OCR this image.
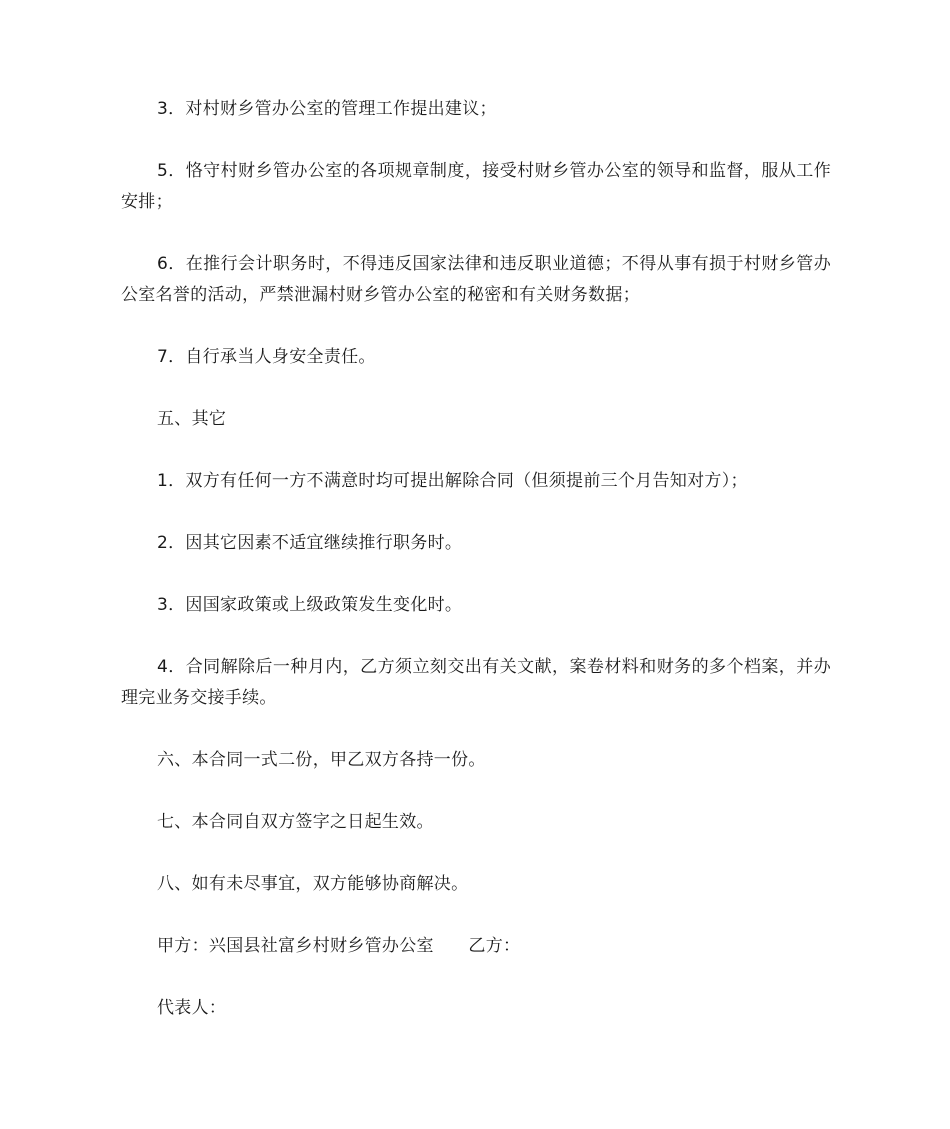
3．对村财乡管办公室的管理工作提出建议；

5．恪守村财乡管办公室的各项规章制度，接受村财乡管办公室的领导和监督，服从工作安排；

6．在推行会计职务时，不得违反国家法律和违反职业道德；不得从事有损于村财乡管办公室名誉的活动，严禁泄漏村财乡管办公室的秘密和有关财务数据；

7．自行承当人身安全责任。

五、其它

1．双方有任何一方不满意时均可提出解除合同（但须提前三个月告知对方）；

2．因其它因素不适宜继续推行职务时。

3．因国家政策或上级政策发生变化时。

4．合同解除后一种月内，乙方须立刻交出有关文献，案卷材料和财务的多个档案，并办理完业务交接手续。

六、本合同一式二份，甲乙双方各持一份。

七、本合同自双方签字之日起生效。

八、如有未尽事宜，双方能够协商解决。

甲方：兴国县社富乡村财乡管办公室　　乙方：

代表人：
